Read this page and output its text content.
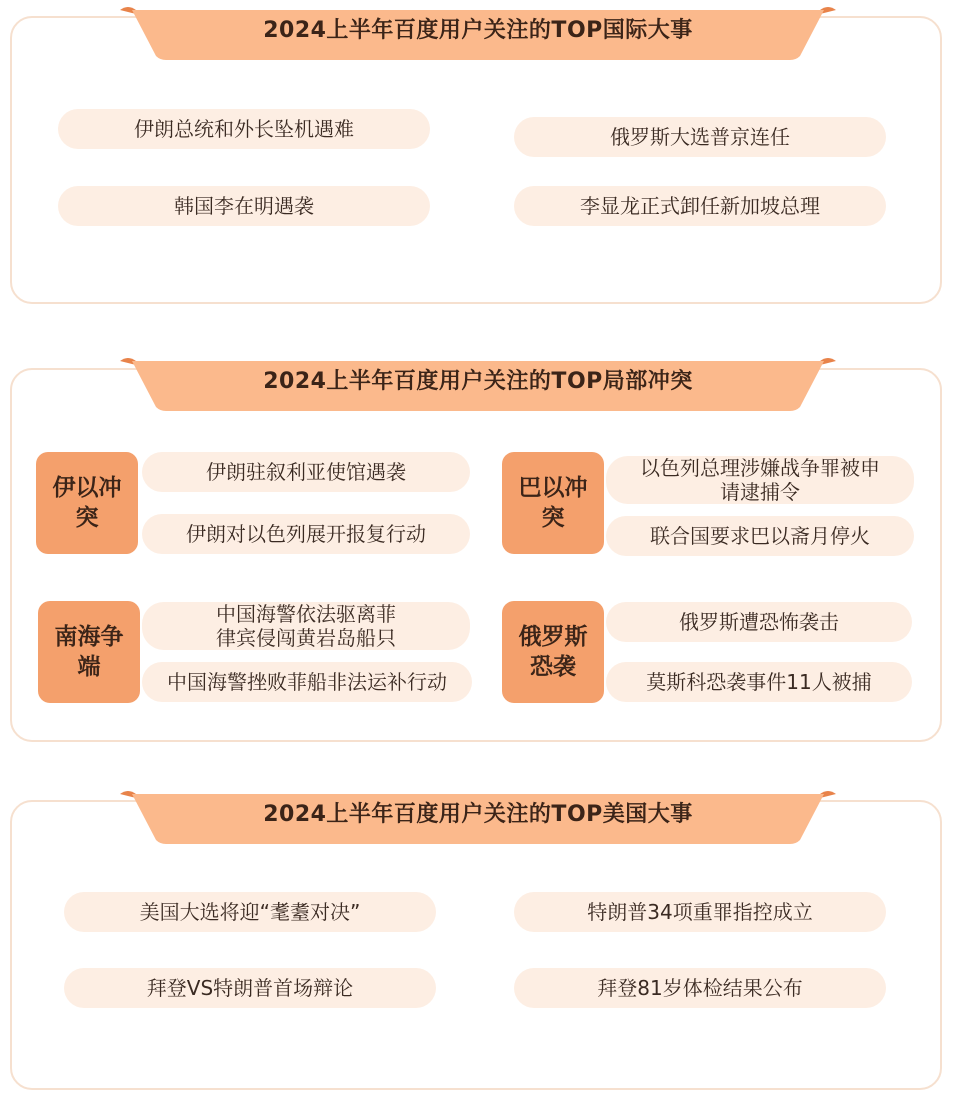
2024上半年百度用户关注的TOP国际大事
伊朗总统和外长坠机遇难	俄罗斯大选普京连任
韩国李在明遇袭	李显龙正式卸任新加坡总理
2024上半年百度用户关注的TOP局部冲突
伊朗驻叙利亚使馆遇袭
伊朗对以色列展开报复行动
伊以冲突
以色列总理涉嫌战争罪被申请逮捕令
联合国要求巴以斋月停火
巴以冲突
中国海警依法驱离菲律宾侵闯黄岩岛船只
中国海警挫败菲船非法运补行动
南海争端
俄罗斯遭恐怖袭击
莫斯科恐袭事件11人被捕
俄罗斯恐袭
2024上半年百度用户关注的TOP美国大事
美国大选将迎“耄耋对决”	特朗普34项重罪指控成立
拜登VS特朗普首场辩论	拜登81岁体检结果公布
